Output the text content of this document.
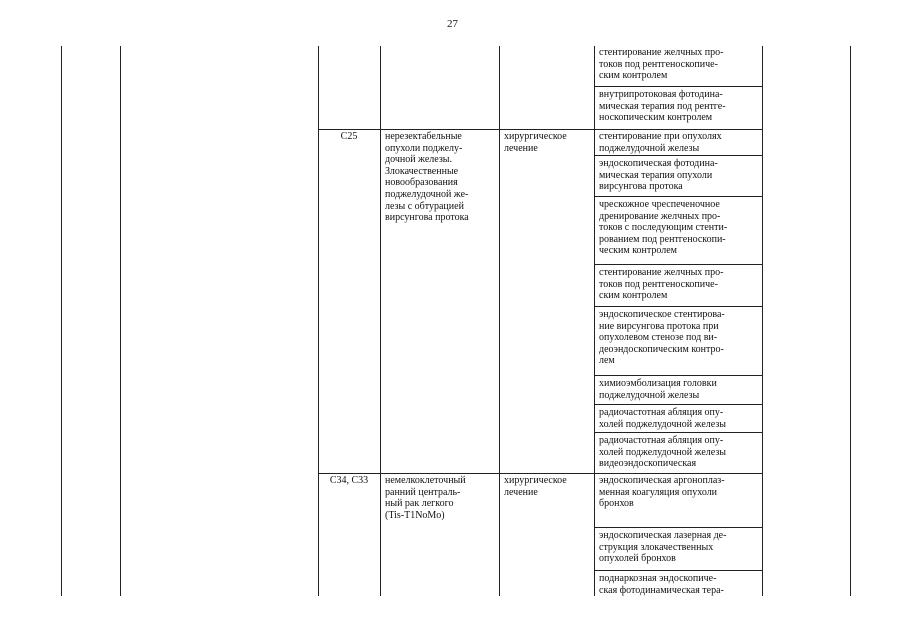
27
стентирование желчных про-
токов под рентгеноскопиче-
ским контролем
внутрипротоковая фотодина-
мическая терапия под рентге-
носкопическим контролем
C25	нерезектабельные
опухоли поджелу-
дочной железы.
Злокачественные
новообразования
поджелудочной же-
лезы с обтурацией
вирсунгова протока
хирургическое
лечение
стентирование при опухолях
поджелудочной железы
эндоскопическая фотодина-
мическая терапия опухоли
вирсунгова протока
чрескожное чреспеченочное
дренирование желчных про-
токов с последующим стенти-
рованием под рентгеноскопи-
ческим контролем
стентирование желчных про-
токов под рентгеноскопиче-
ским контролем
эндоскопическое стентирова-
ние вирсунгова протока при
опухолевом стенозе под ви-
деоэндоскопическим контро-
лем
химиоэмболизация головки
поджелудочной железы
радиочастотная абляция опу-
холей поджелудочной железы
радиочастотная абляция опу-
холей поджелудочной железы
видеоэндоскопическая
C34, C33	немелкоклеточный
ранний централь-
ный рак легкого
(Tis-T1NoMo)
хирургическое
лечение
эндоскопическая аргоноплаз-
менная коагуляция опухоли
бронхов
эндоскопическая лазерная де-
струкция злокачественных
опухолей бронхов
поднаркозная эндоскопиче-
ская фотодинамическая тера-
